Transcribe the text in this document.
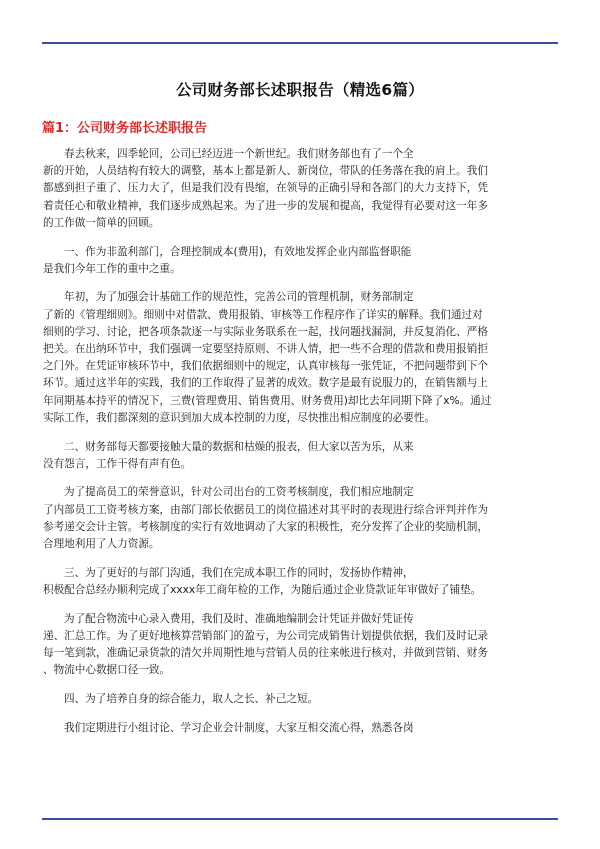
公司财务部长述职报告（精选6篇）
篇1：公司财务部长述职报告

春去秋来，四季轮回，公司已经迈进一个新世纪。我们财务部也有了一个全
新的开始，人员结构有较大的调整，基本上都是新人、新岗位，带队的任务落在我的肩上。我们
都感到担子重了、压力大了，但是我们没有畏缩，在领导的正确引导和各部门的大力支持下，凭
着责任心和敬业精神，我们逐步成熟起来。为了进一步的发展和提高，我觉得有必要对这一年多
的工作做一简单的回顾。

一、作为非盈利部门，合理控制成本(费用)，有效地发挥企业内部监督职能
是我们今年工作的重中之重。

年初，为了加强会计基础工作的规范性，完善公司的管理机制，财务部制定
了新的《管理细则》。细则中对借款、费用报销、审核等工作程序作了详实的解释。我们通过对
细则的学习、讨论，把各项条款逐一与实际业务联系在一起，找问题找漏洞，并反复消化、严格
把关。在出纳环节中，我们强调一定要坚持原则、不讲人情，把一些不合理的借款和费用报销拒
之门外。在凭证审核环节中，我们依据细则中的规定，认真审核每一张凭证，不把问题带到下个
环节。通过这半年的实践，我们的工作取得了显著的成效。数字是最有说服力的，在销售额与上
年同期基本持平的情况下，三费(管理费用、销售费用、财务费用)却比去年同期下降了x%。通过
实际工作，我们都深刻的意识到加大成本控制的力度，尽快推出相应制度的必要性。

二、财务部每天都要接触大量的数据和枯燥的报表，但大家以苦为乐，从来
没有怨言，工作干得有声有色。

为了提高员工的荣誉意识，针对公司出台的工资考核制度，我们相应地制定
了内部员工工资考核方案，由部门部长依据员工的岗位描述对其平时的表现进行综合评判并作为
参考递交会计主管。考核制度的实行有效地调动了大家的积极性，充分发挥了企业的奖励机制，
合理地利用了人力资源。

三、为了更好的与部门沟通，我们在完成本职工作的同时，发扬协作精神，
积极配合总经办顺利完成了xxxx年工商年检的工作，为随后通过企业贷款证年审做好了铺垫。

为了配合物流中心录入费用，我们及时、准确地编制会计凭证并做好凭证传
递、汇总工作。为了更好地核算营销部门的盈亏，为公司完成销售计划提供依据，我们及时记录
每一笔到款，准确记录货款的清欠并周期性地与营销人员的往来帐进行核对，并做到营销、财务
、物流中心数据口径一致。

四、为了培养自身的综合能力，取人之长、补己之短。

我们定期进行小组讨论、学习企业会计制度，大家互相交流心得，熟悉各岗
